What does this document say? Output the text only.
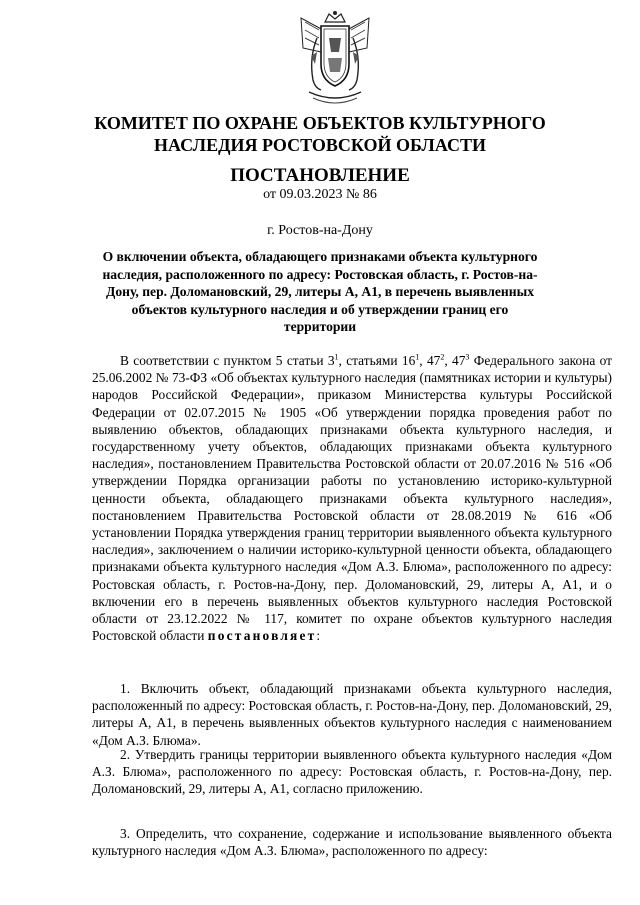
КОМИТЕТ ПО ОХРАНЕ ОБЪЕКТОВ КУЛЬТУРНОГО НАСЛЕДИЯ РОСТОВСКОЙ ОБЛАСТИ
ПОСТАНОВЛЕНИЕ
от 09.03.2023 № 86
г. Ростов-на-Дону
О включении объекта, обладающего признаками объекта культурного наследия, расположенного по адресу: Ростовская область, г. Ростов-на-Дону, пер. Доломановский, 29, литеры А, А1, в перечень выявленных объектов культурного наследия и об утверждении границ его территории

В соответствии с пунктом 5 статьи $3^1$, статьями $16^1$, $47^2$, $47^3$ Федерального закона от 25.06.2002 № 73-ФЗ «Об объектах культурного наследия (памятниках истории и культуры) народов Российской Федерации», приказом Министерства культуры Российской Федерации от 02.07.2015 № 1905 «Об утверждении порядка проведения работ по выявлению объектов, обладающих признаками объекта культурного наследия, и государственному учету объектов, обладающих признаками объекта культурного наследия», постановлением Правительства Ростовской области от 20.07.2016 № 516 «Об утверждении Порядка организации работы по установлению историко-культурной ценности объекта, обладающего признаками объекта культурного наследия», постановлением Правительства Ростовской области от 28.08.2019 № 616 «Об установлении Порядка утверждения границ территории выявленного объекта культурного наследия», заключением о наличии историко-культурной ценности объекта, обладающего признаками объекта культурного наследия «Дом А.З. Блюма», расположенного по адресу: Ростовская область, г. Ростов-на-Дону, пер. Доломановский, 29, литеры А, А1, и о включении его в перечень выявленных объектов культурного наследия Ростовской области от 23.12.2022 № 117, комитет по охране объектов культурного наследия Ростовской области постановляет:

1. Включить объект, обладающий признаками объекта культурного наследия, расположенный по адресу: Ростовская область, г. Ростов-на-Дону, пер. Доломановский, 29, литеры А, А1, в перечень выявленных объектов культурного наследия с наименованием «Дом А.З. Блюма».

2. Утвердить границы территории выявленного объекта культурного наследия «Дом А.З. Блюма», расположенного по адресу: Ростовская область, г. Ростов-на-Дону, пер. Доломановский, 29, литеры А, А1, согласно приложению.

3. Определить, что сохранение, содержание и использование выявленного объекта культурного наследия «Дом А.З. Блюма», расположенного по адресу:
